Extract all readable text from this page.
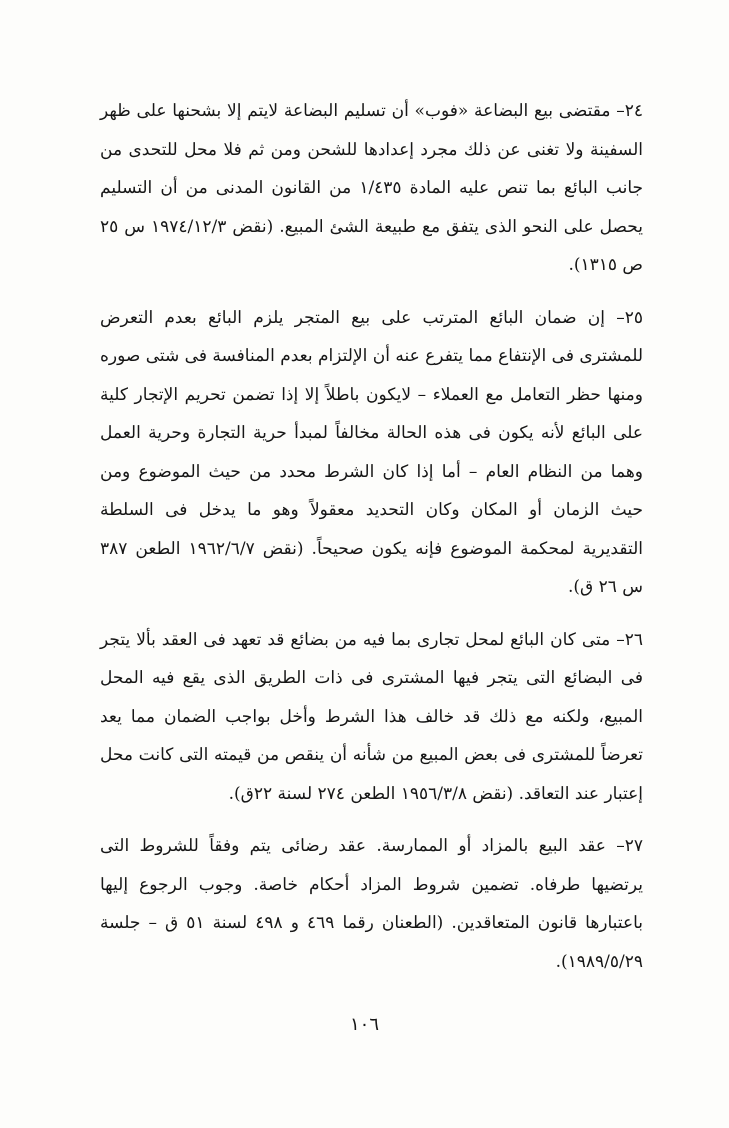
٢٤– مقتضى بيع البضاعة «فوب» أن تسليم البضاعة لايتم إلا بشحنها على ظهر السفينة ولا تغنى عن ذلك مجرد إعدادها للشحن ومن ثم فلا محل للتحدى من جانب البائع بما تنص عليه المادة ١/٤٣٥ من القانون المدنى من أن التسليم يحصل على النحو الذى يتفق مع طبيعة الشئ المبيع. (نقض ١٩٧٤/١٢/٣ س ٢٥ ص ١٣١٥).

٢٥– إن ضمان البائع المترتب على بيع المتجر يلزم البائع بعدم التعرض للمشترى فى الإنتفاع مما يتفرع عنه أن الإلتزام بعدم المنافسة فى شتى صوره ومنها حظر التعامل مع العملاء – لايكون باطلاً إلا إذا تضمن تحريم الإتجار كلية على البائع لأنه يكون فى هذه الحالة مخالفاً لمبدأ حرية التجارة وحرية العمل وهما من النظام العام – أما إذا كان الشرط محدد من حيث الموضوع ومن حيث الزمان أو المكان وكان التحديد معقولاً وهو ما يدخل فى السلطة التقديرية لمحكمة الموضوع فإنه يكون صحيحاً. (نقض ١٩٦٢/٦/٧ الطعن ٣٨٧ س ٢٦ ق).

٢٦– متى كان البائع لمحل تجارى بما فيه من بضائع قد تعهد فى العقد بألا يتجر فى البضائع التى يتجر فيها المشترى فى ذات الطريق الذى يقع فيه المحل المبيع، ولكنه مع ذلك قد خالف هذا الشرط وأخل بواجب الضمان مما يعد تعرضاً للمشترى فى بعض المبيع من شأنه أن ينقص من قيمته التى كانت محل إعتبار عند التعاقد. (نقض ١٩٥٦/٣/٨ الطعن ٢٧٤ لسنة ٢٢ق).

٢٧– عقد البيع بالمزاد أو الممارسة. عقد رضائى يتم وفقاً للشروط التى يرتضيها طرفاه. تضمين شروط المزاد أحكام خاصة. وجوب الرجوع إليها باعتبارها قانون المتعاقدين. (الطعنان رقما ٤٦٩ و ٤٩٨ لسنة ٥١ ق – جلسة ١٩٨٩/٥/٢٩).

١٠٦
